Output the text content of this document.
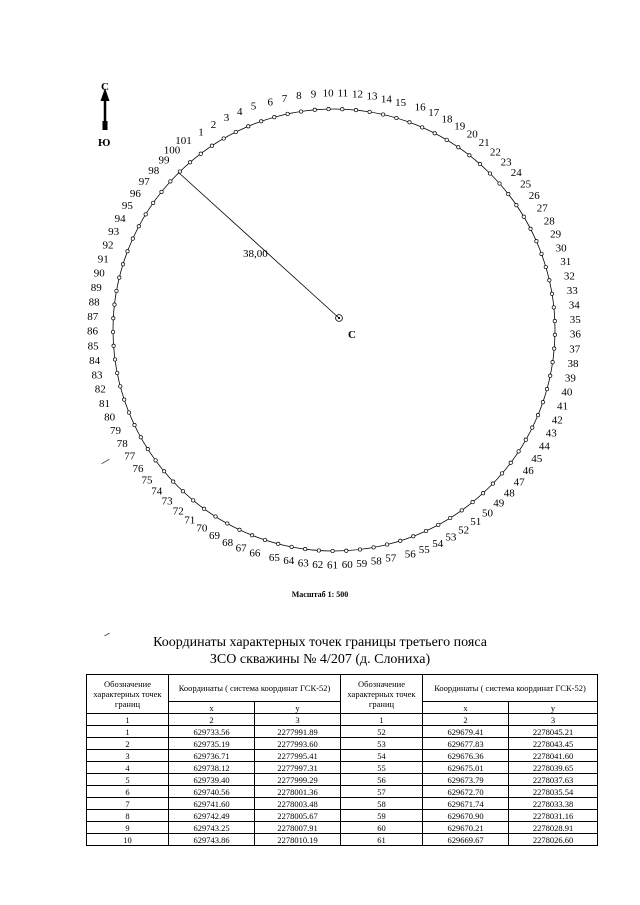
С
Ю
1
2
3
4 5 6 7 8 9 10 11 12 13 14 15 16 17
18
19
20
21
22
23
24
25
26
27
28
29
30
31
32
33
34
35
36
37
38
39
40
41
42
43
44
45
46
47
48
49
50
51
52
53
54
55
56
57
58
59
60
61
62
63
64
65
66
67
68
69
70
71
72
73
74
75
76
77
78
79
80
81
82
83
84
85
86
87
88
89
90
91
92
93
94
95
96
97
98
99
100
101
38,00
С
Масштаб 1: 500
Координаты характерных точек границы третьего пояса
ЗСО скважины № 4/207 (д. Слониха)
Обозначение характерных точек границ	Координаты ( система координат ГСК-52)		Обозначение характерных точек границ	Координаты ( система координат ГСК-52)	
	x	y		x	y
1	2	3	1	2	3
1	629733.56	2277991.89	52	629679.41	2278045.21
2	629735.19	2277993.60	53	629677.83	2278043.45
3	629736.71	2277995.41	54	629676.36	2278041.60
4	629738.12	2277997.31	55	629675.01	2278039.65
5	629739.40	2277999.29	56	629673.79	2278037.63
6	629740.56	2278001.36	57	629672.70	2278035.54
7	629741.60	2278003.48	58	629671.74	2278033.38
8	629742.49	2278005.67	59	629670.90	2278031.16
9	629743.25	2278007.91	60	629670.21	2278028.91
10	629743.86	2278010.19	61	629669.67	2278026.60
